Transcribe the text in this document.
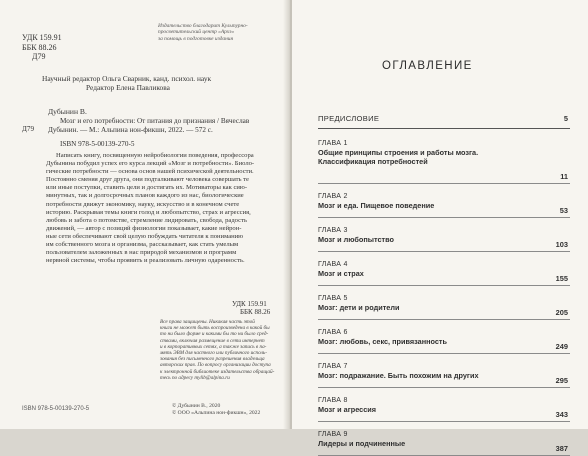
УДК 159.91
ББК 88.26
Д79
Издательство благодарит Культурно-
просветительский центр «Архэ»
за помощь в подготовке издания
Научный редактор Ольга Сварник, канд. психол. наук
Редактор Елена Павликова
Дубынин В.
Д79
Мозг и его потребности: От питания до признания / Вячеслав
Дубынин. — М.: Альпина нон-фикшн, 2022. — 572 с.
ISBN 978-5-00139-270-5
Написать книгу, посвященную нейробиологии поведения, профессора
Дубынина побудил успех его курса лекций «Мозг и потребности». Биоло-
гические потребности — основа основ нашей психической деятельности.
Постоянно сменяя друг друга, они подталкивают человека совершать те
или иные поступки, ставить цели и достигать их. Мотиваторы как сию-
минутных, так и долгосрочных планов каждого из нас, биологические
потребности движут экономику, науку, искусство и в конечном счете
историю. Раскрывая темы книги голод и любопытство, страх и агрессия,
любовь и забота о потомстве, стремление лидировать, свобода, радость
движений, — автор с позиций физиологии показывает, какие нейрон-
ные сети обеспечивают свой целую побуждать читателя к пониманию
им собственного мозга и организма, рассказывает, как стать умелым
пользователем заложенных в нас природой механизмов и программ
нервной системы, чтобы проявить и реализовать личную одаренность.
УДК 159.91
ББК 88.26
Все права защищены. Никакая часть этой
книги не может быть воспроизведена в какой бы
то ни было форме и какими бы то ни было сред-
ствами, включая размещение в сети интернет
и в корпоративных сетях, а также запись в па-
мять ЭВМ для частного или публичного исполь-
зования без письменного разрешения владельца
авторских прав. По вопросу организации доступа
к электронной библиотеке издательства обращай-
тесь по адресу mylib@alpina.ru
ISBN 978-5-00139-270-5	© Дубынин В., 2020
© ООО «Альпина нон-фикшн», 2022
ОГЛАВЛЕНИЕ
ПРЕДИСЛОВИЕ	5
ГЛАВА 1
Общие принципы строения и работы мозга.
Классификация потребностей
11
ГЛАВА 2
Мозг и еда. Пищевое поведение
53
ГЛАВА 3
Мозг и любопытство
103
ГЛАВА 4
Мозг и страх
155
ГЛАВА 5
Мозг: дети и родители
205
ГЛАВА 6
Мозг: любовь, секс, привязанность
249
ГЛАВА 7
Мозг: подражание. Быть похожим на других
295
ГЛАВА 8
Мозг и агрессия
343
ГЛАВА 9
Лидеры и подчиненные
387
